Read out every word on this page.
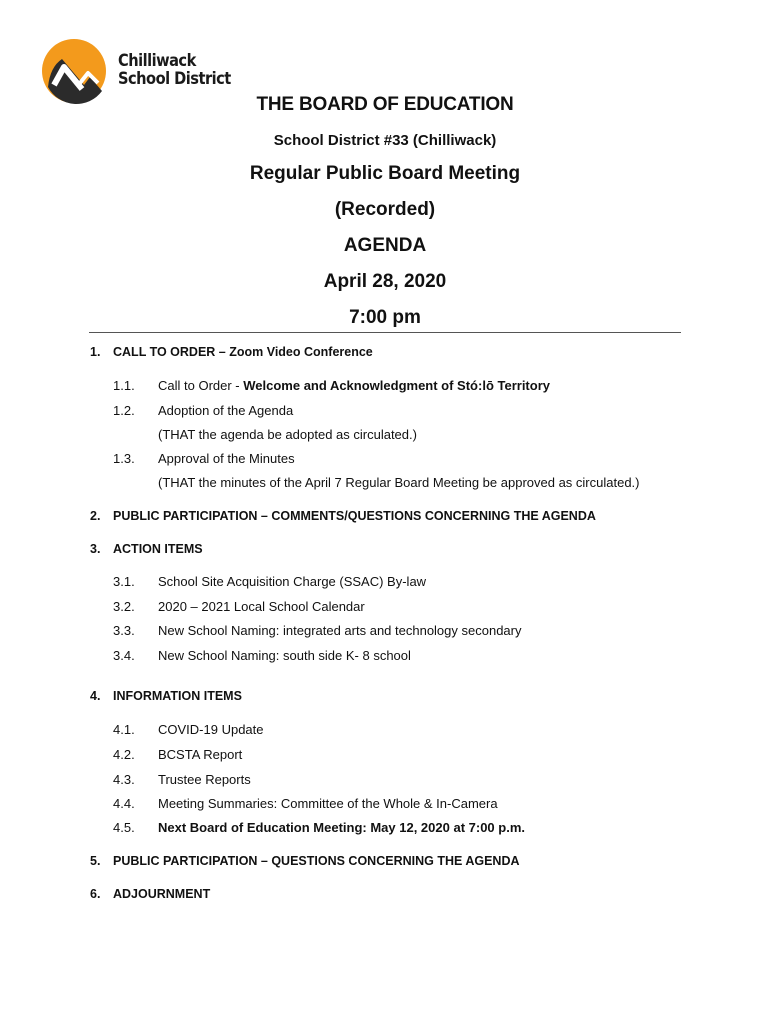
Chilliwack
School District
THE BOARD OF EDUCATION
School District #33 (Chilliwack)
Regular Public Board Meeting
(Recorded)
AGENDA
April 28, 2020
7:00 pm
1. CALL TO ORDER – Zoom Video Conference
1.1. Call to Order - Welcome and Acknowledgment of Stó:lō Territory
1.2. Adoption of the Agenda
(THAT the agenda be adopted as circulated.)
1.3. Approval of the Minutes
(THAT the minutes of the April 7 Regular Board Meeting be approved as circulated.)
2. PUBLIC PARTICIPATION – COMMENTS/QUESTIONS CONCERNING THE AGENDA
3. ACTION ITEMS
3.1. School Site Acquisition Charge (SSAC) By-law
3.2. 2020 – 2021 Local School Calendar
3.3. New School Naming: integrated arts and technology secondary
3.4. New School Naming: south side K- 8 school
4. INFORMATION ITEMS
4.1. COVID-19 Update
4.2. BCSTA Report
4.3. Trustee Reports
4.4. Meeting Summaries: Committee of the Whole & In-Camera
4.5. Next Board of Education Meeting: May 12, 2020 at 7:00 p.m.
5. PUBLIC PARTICIPATION – QUESTIONS CONCERNING THE AGENDA
6. ADJOURNMENT
